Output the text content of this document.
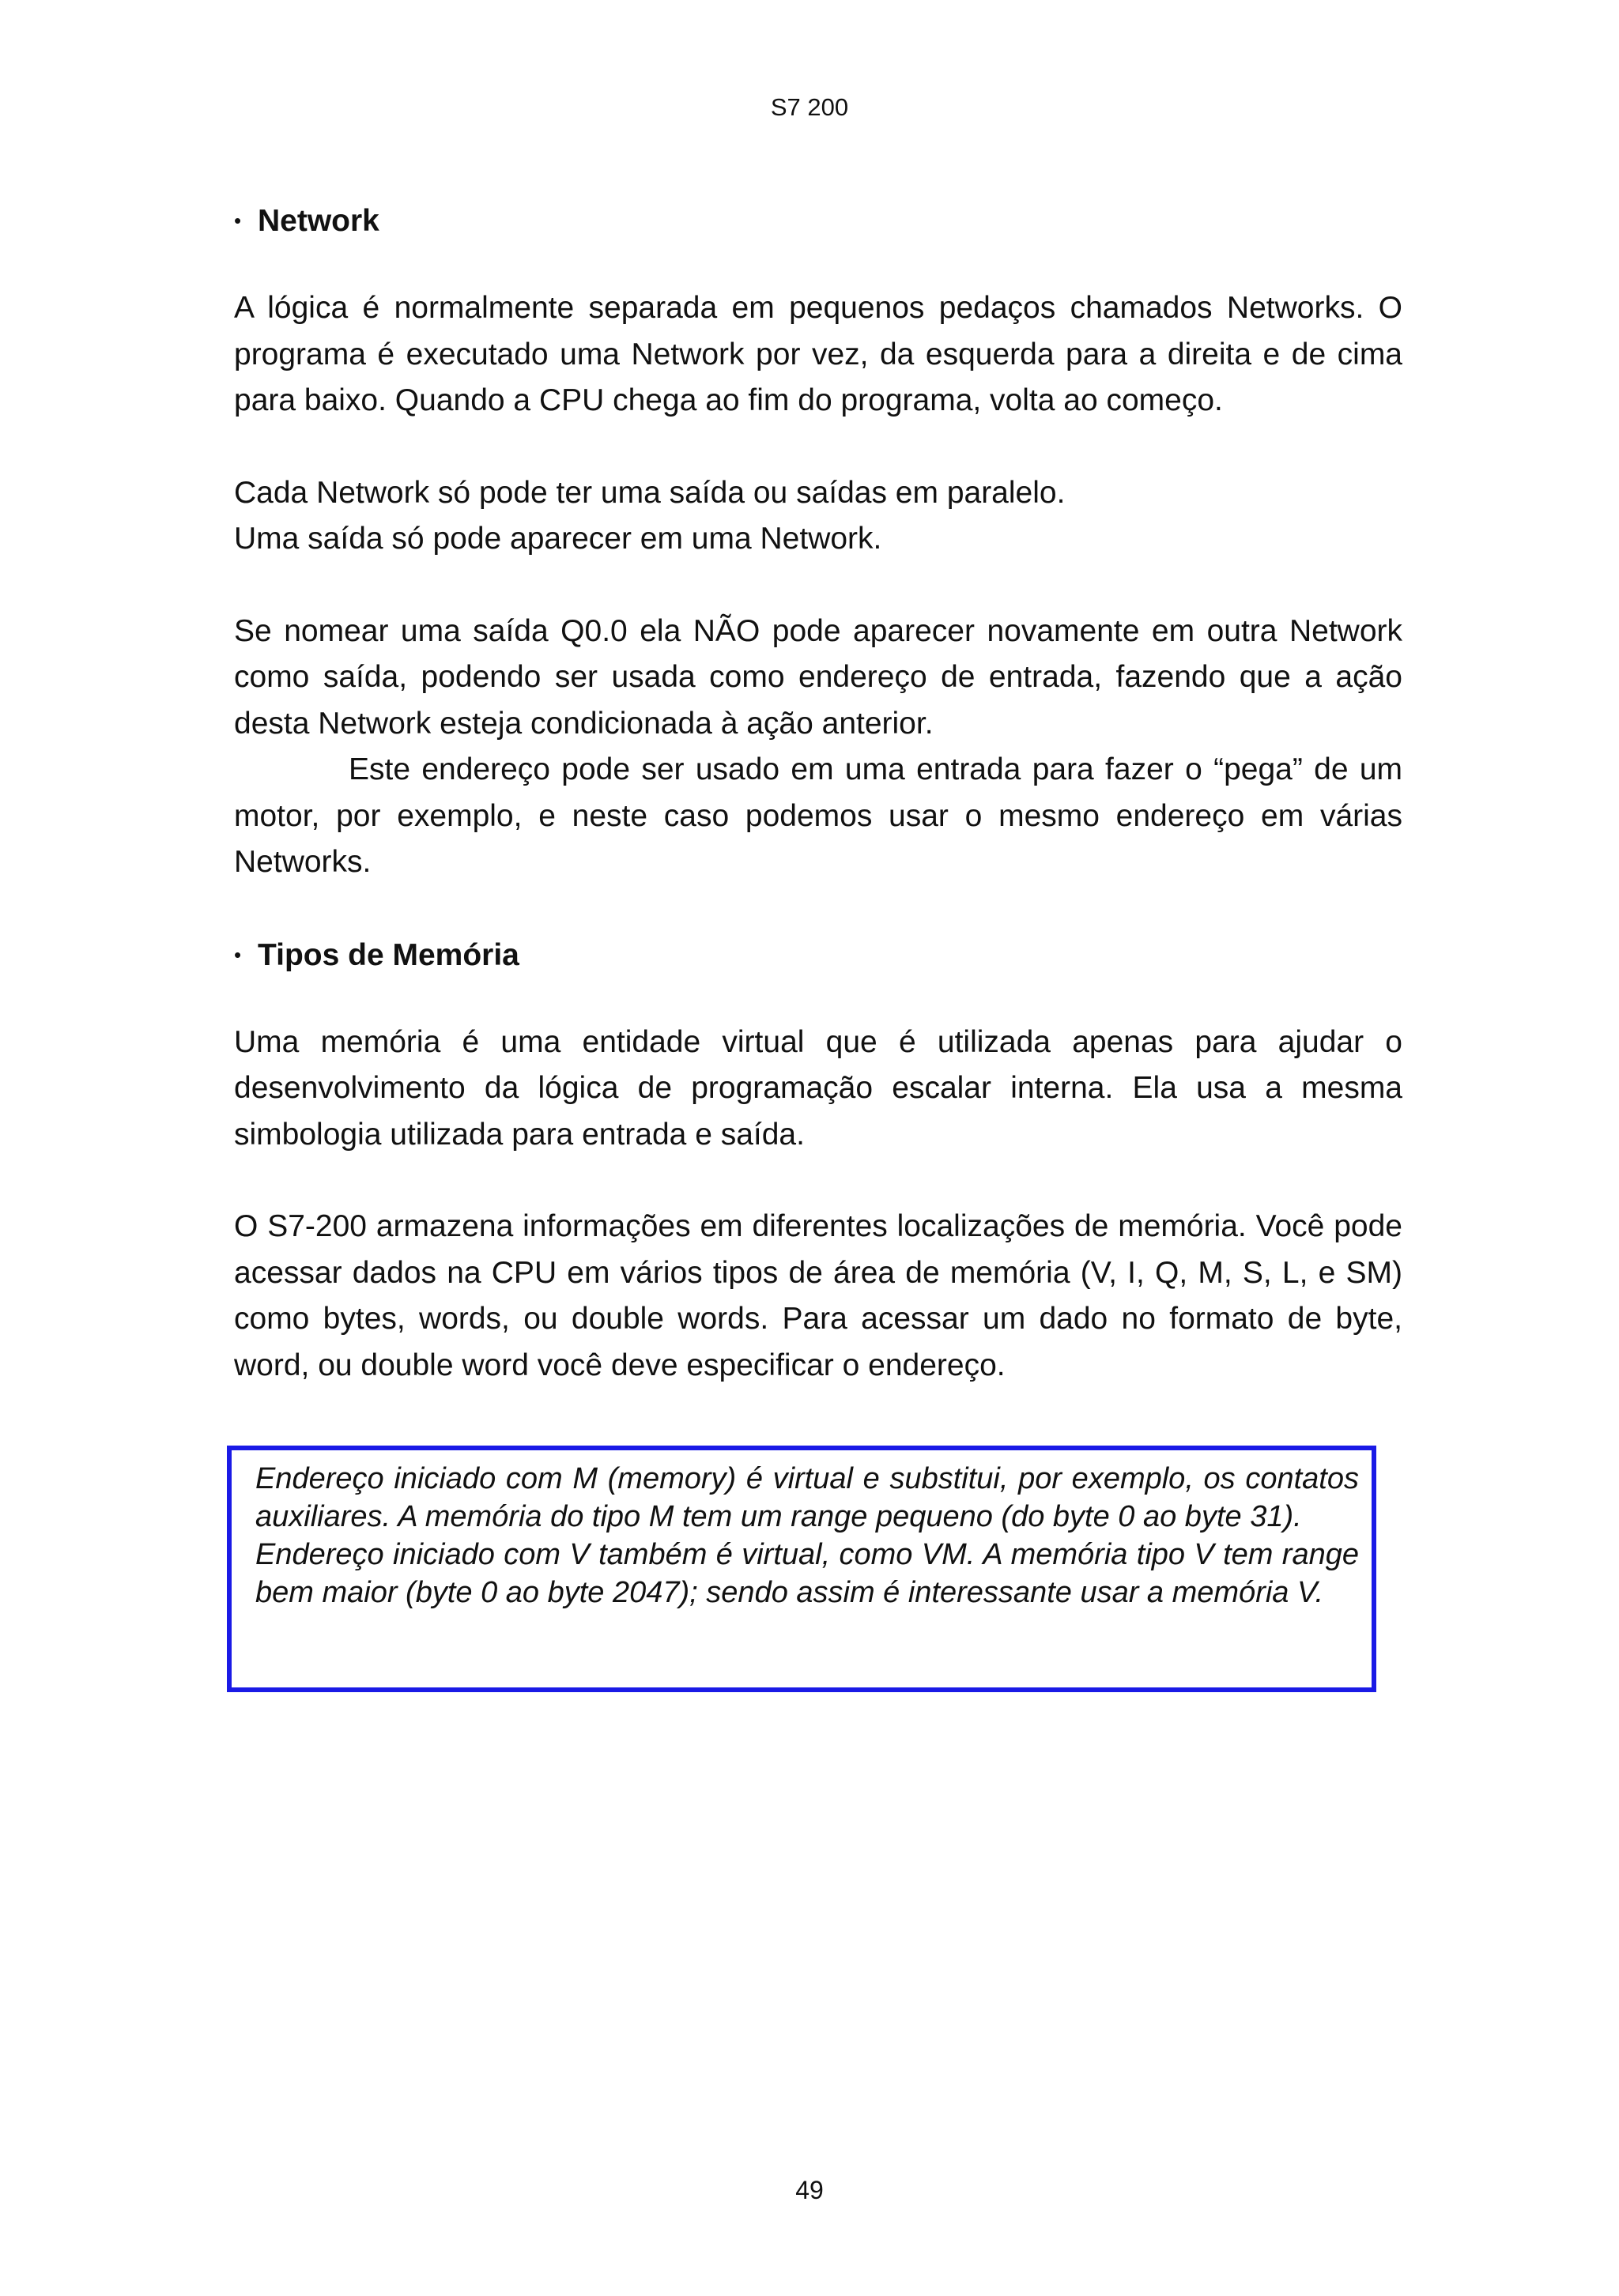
S7 200
• Network

A lógica é normalmente separada em pequenos pedaços chamados Networks. O programa é executado uma Network por vez, da esquerda para a direita e de cima para baixo. Quando a CPU chega ao fim do programa, volta ao começo.

Cada Network só pode ter uma saída ou saídas em paralelo.

Uma saída só pode aparecer em uma Network.

Se nomear uma saída Q0.0 ela NÃO pode aparecer novamente em outra Network como saída, podendo ser usada como endereço de entrada, fazendo que a ação desta Network esteja condicionada à ação anterior.

Este endereço pode ser usado em uma entrada para fazer o “pega” de um motor, por exemplo, e neste caso podemos usar o mesmo endereço em várias Networks.

• Tipos de Memória

Uma memória é uma entidade virtual que é utilizada apenas para ajudar o desenvolvimento da lógica de programação escalar interna. Ela usa a mesma simbologia utilizada para entrada e saída.

O S7-200 armazena informações em diferentes localizações de memória. Você pode acessar dados na CPU em vários tipos de área de memória (V, I, Q, M, S, L, e SM) como bytes, words, ou double words. Para acessar um dado no formato de byte, word, ou double word você deve especificar o endereço.

Endereço iniciado com M (memory) é virtual e substitui, por exemplo, os contatos auxiliares. A memória do tipo M tem um range pequeno (do byte 0 ao byte 31).

Endereço iniciado com V também é virtual, como VM. A memória tipo V tem range bem maior (byte 0 ao byte 2047); sendo assim é interessante usar a memória V.

49
